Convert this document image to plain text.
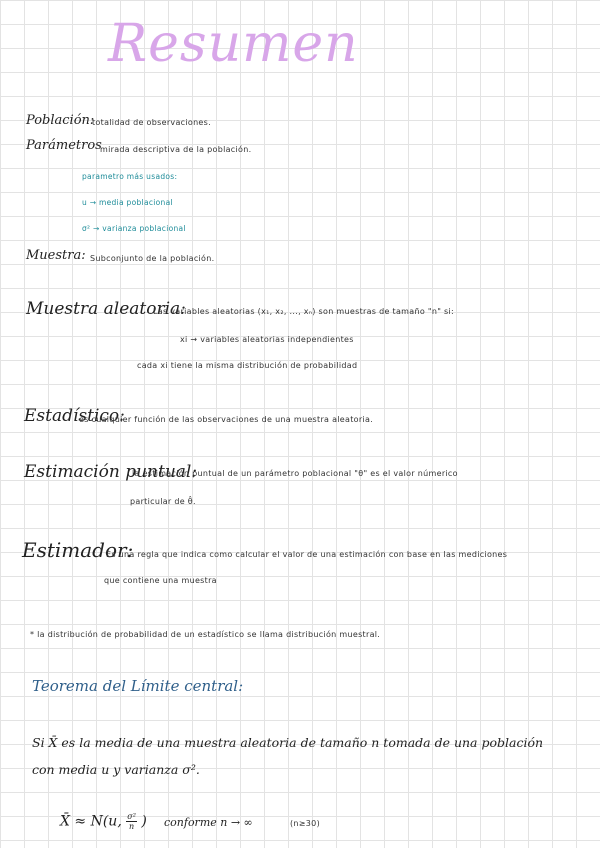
Resumen
Población:
totalidad de observaciones.
Parámetros
mirada descriptiva de la población.
parametro más usados:
u → media poblacional
σ² → varianza poblacional
Muestra: Subconjunto de la población.
Muestra aleatoria:
Las variables aleatorias (x₁, x₂, ..., xₙ) son muestras de tamaño "n" si:
xi → variables aleatorias independientes
cada xi tiene la misma distribución de probabilidad
Estadístico:
es cualquier función de las observaciones de una muestra aleatoria.
Estimación puntual:
la estimación puntual de un parámetro poblacional "θ" es el valor númerico
particular de θ̂.
Estimador:
Es una regla que indica como calcular el valor de una estimación con base en las mediciones
que contiene una muestra
* la distribución de probabilidad de un estadístico se llama distribución muestral.
Teorema del Límite central:
Si X̄ es la media de una muestra aleatoria de tamaño n tomada de una población
con media u y varianza σ².
X̄ ≈ N(u, $\frac{\text{σ²}}{n}$ ) conforme n → ∞	(n≥30)
